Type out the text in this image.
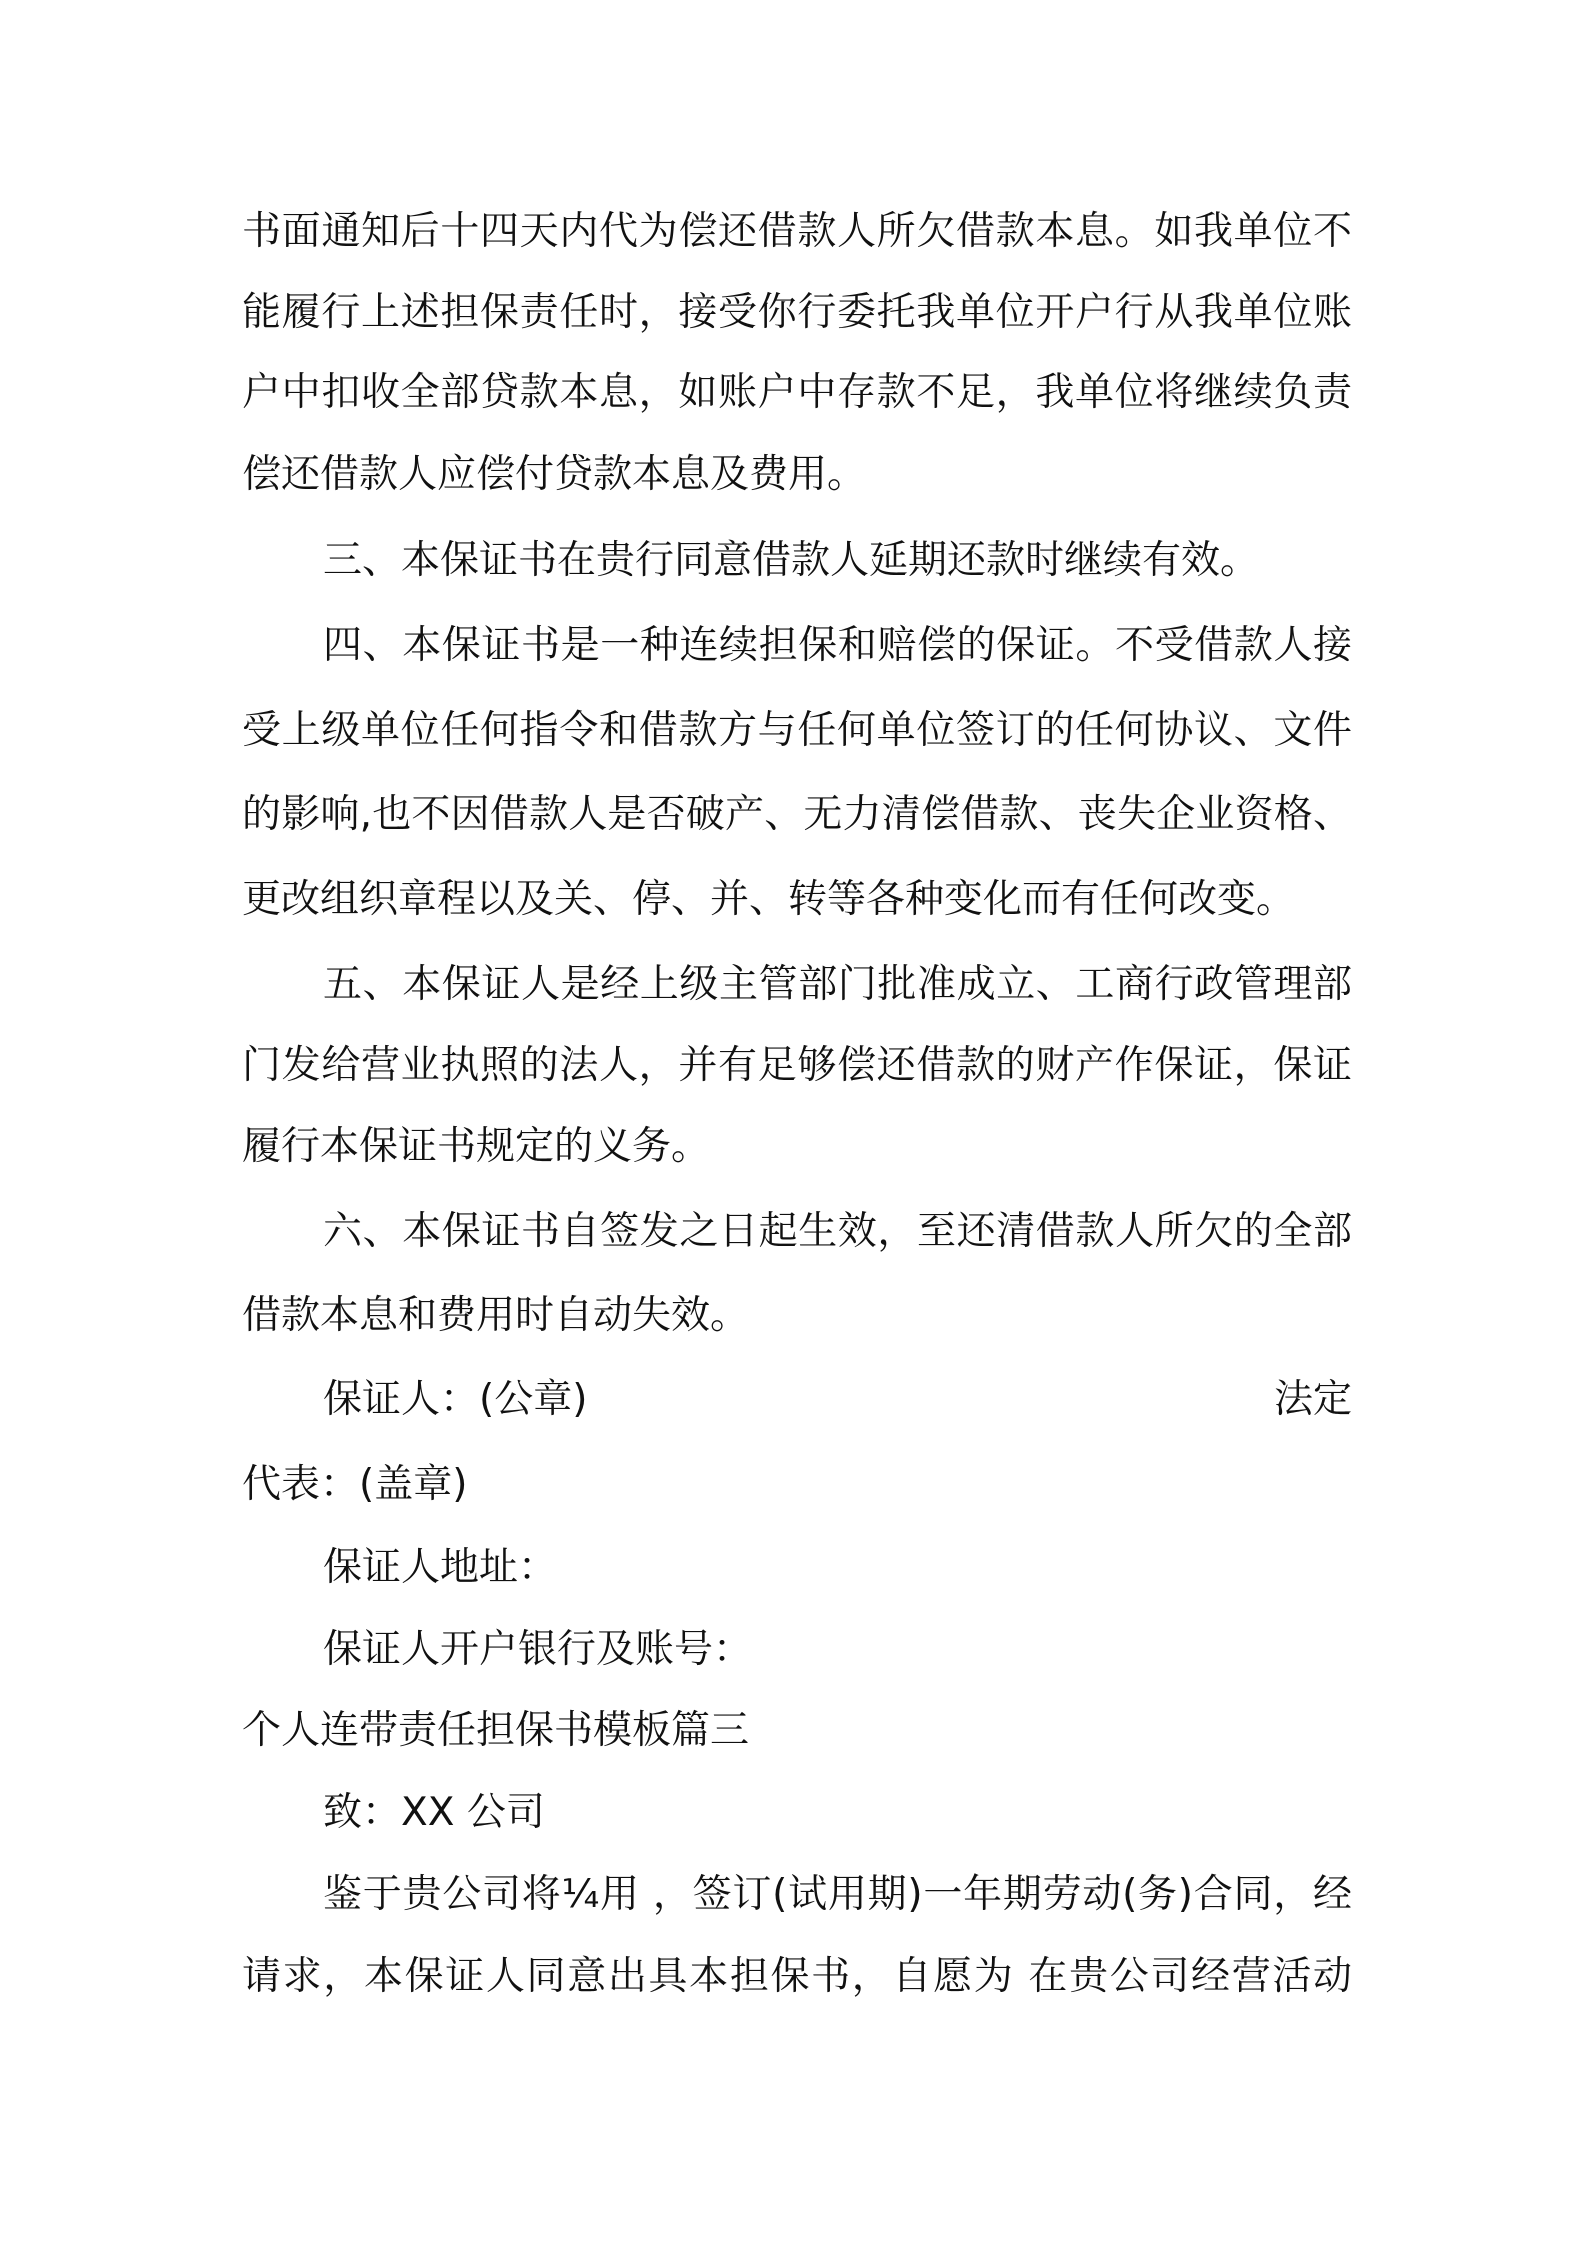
书面通知后十四天内代为偿还借款人所欠借款本息。如我单位不
能履行上述担保责任时，接受你行委托我单位开户行从我单位账
户中扣收全部贷款本息，如账户中存款不足，我单位将继续负责
偿还借款人应偿付贷款本息及费用。
三、本保证书在贵行同意借款人延期还款时继续有效。
四、本保证书是一种连续担保和赔偿的保证。不受借款人接
受上级单位任何指令和借款方与任何单位签订的任何协议、文件
的影响,也不因借款人是否破产、无力清偿借款、丧失企业资格、
更改组织章程以及关、停、并、转等各种变化而有任何改变。
五、本保证人是经上级主管部门批准成立、工商行政管理部
门发给营业执照的法人，并有足够偿还借款的财产作保证，保证
履行本保证书规定的义务。
六、本保证书自签发之日起生效，至还清借款人所欠的全部
借款本息和费用时自动失效。
保证人：(公章)	法定
代表：(盖章)
保证人地址：
保证人开户银行及账号：
个人连带责任担保书模板篇三
致：XX 公司
鉴于贵公司将¼用 ，签订(试用期)一年期劳动(务)合同，经
请求，本保证人同意出具本担保书，自愿为 在贵公司经营活动
